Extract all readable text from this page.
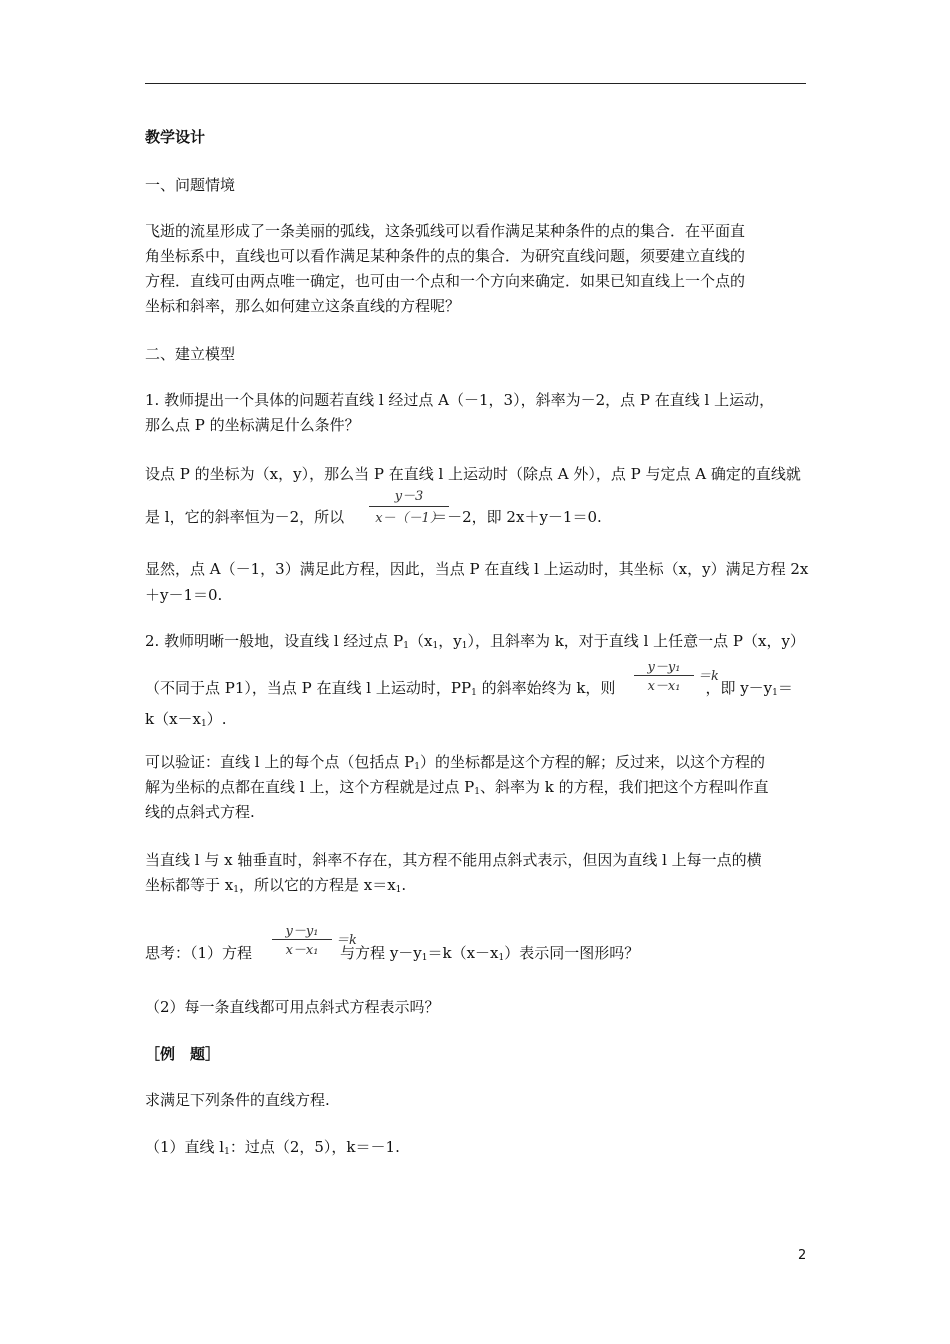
教学设计

一、问题情境

飞逝的流星形成了一条美丽的弧线，这条弧线可以看作满足某种条件的点的集合．在平面直

角坐标系中，直线也可以看作满足某种条件的点的集合．为研究直线问题，须要建立直线的

方程．直线可由两点唯一确定，也可由一个点和一个方向来确定．如果已知直线上一个点的

坐标和斜率，那么如何建立这条直线的方程呢？

二、建立模型

1. 教师提出一个具体的问题若直线 l 经过点 A（－1，3），斜率为－2，点 P 在直线 l 上运动，

那么点 P 的坐标满足什么条件？

设点 P 的坐标为（x，y），那么当 P 在直线 l 上运动时（除点 A 外），点 P 与定点 A 确定的直线就

是 l，它的斜率恒为－2，所以	＝－2，即 2x＋y－1＝0.

y－3
x－（－1）

显然，点 A（－1，3）满足此方程，因此，当点 P 在直线 l 上运动时，其坐标（x，y）满足方程 2x

＋y－1＝0.

2. 教师明晰一般地，设直线 l 经过点 $P_1(x_1$，$y_1$），且斜率为 k，对于直线 l 上任意一点 P（x，y）

（不同于点 P1），当点 P 在直线 l 上运动时，$PP_1$ 的斜率始终为 k，则	，即 $y-y_1=$

y－y₁
x－x₁
＝k

$k(x-x_1)$.

可以验证：直线 l 上的每个点（包括点 $P_1$）的坐标都是这个方程的解；反过来，以这个方程的

解为坐标的点都在直线 l 上，这个方程就是过点 $P_1$、斜率为 k 的方程，我们把这个方程叫作直

线的点斜式方程.

当直线 l 与 x 轴垂直时，斜率不存在，其方程不能用点斜式表示，但因为直线 l 上每一点的横

坐标都等于 $x_1$，所以它的方程是 $x=x_1$.

思考：（1）方程	与方程 $y-y_1=k(x-x_1)$表示同一图形吗？

y－y₁
x－x₁
＝k

（2）每一条直线都可用点斜式方程表示吗？

［例　题］

求满足下列条件的直线方程.

（1）直线 $l_1$：过点（2，5），k＝－1.

2
